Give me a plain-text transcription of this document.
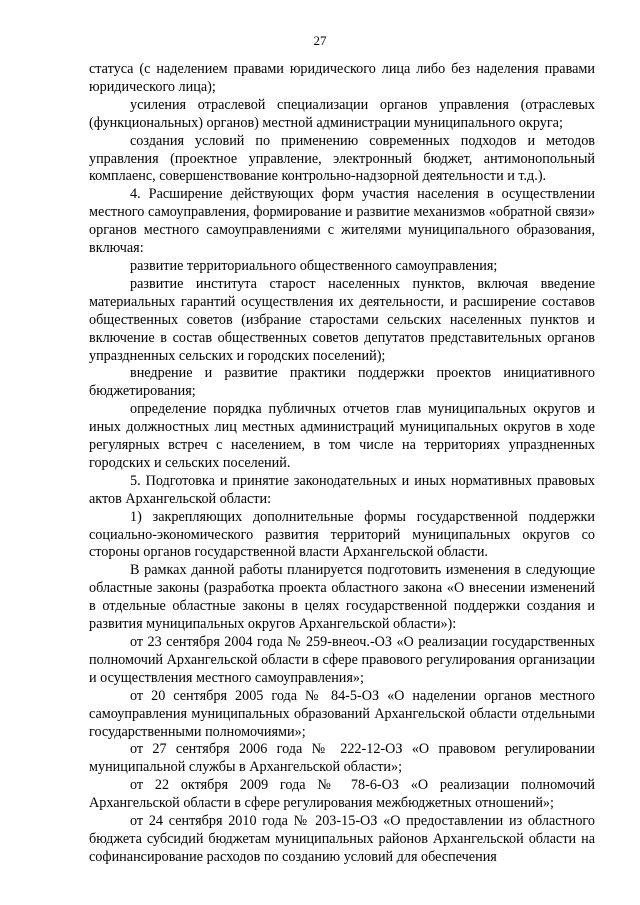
27

статуса (с наделением правами юридического лица либо без наделения правами юридического лица);

усиления отраслевой специализации органов управления (отраслевых (функциональных) органов) местной администрации муниципального округа;

создания условий по применению современных подходов и методов управления (проектное управление, электронный бюджет, антимонопольный комплаенс, совершенствование контрольно-надзорной деятельности и т.д.).

4. Расширение действующих форм участия населения в осуществлении местного самоуправления, формирование и развитие механизмов «обратной связи» органов местного самоуправлениями с жителями муниципального образования, включая:

развитие территориального общественного самоуправления;

развитие института старост населенных пунктов, включая введение материальных гарантий осуществления их деятельности, и расширение составов общественных советов (избрание старостами сельских населенных пунктов и включение в состав общественных советов депутатов представительных органов упраздненных сельских и городских поселений);

внедрение и развитие практики поддержки проектов инициативного бюджетирования;

определение порядка публичных отчетов глав муниципальных округов и иных должностных лиц местных администраций муниципальных округов в ходе регулярных встреч с населением, в том числе на территориях упраздненных городских и сельских поселений.

5. Подготовка и принятие законодательных и иных нормативных правовых актов Архангельской области:

1) закрепляющих дополнительные формы государственной поддержки социально-экономического развития территорий муниципальных округов со стороны органов государственной власти Архангельской области.

В рамках данной работы планируется подготовить изменения в следующие областные законы (разработка проекта областного закона «О внесении изменений в отдельные областные законы в целях государственной поддержки создания и развития муниципальных округов Архангельской области»):

от 23 сентября 2004 года № 259-внеоч.-ОЗ «О реализации государственных полномочий Архангельской области в сфере правового регулирования организации и осуществления местного самоуправления»;

от 20 сентября 2005 года № 84-5-ОЗ «О наделении органов местного самоуправления муниципальных образований Архангельской области отдельными государственными полномочиями»;

от 27 сентября 2006 года № 222-12-ОЗ «О правовом регулировании муниципальной службы в Архангельской области»;

от 22 октября 2009 года № 78-6-ОЗ «О реализации полномочий Архангельской области в сфере регулирования межбюджетных отношений»;

от 24 сентября 2010 года № 203-15-ОЗ «О предоставлении из областного бюджета субсидий бюджетам муниципальных районов Архангельской области на софинансирование расходов по созданию условий для обеспечения
